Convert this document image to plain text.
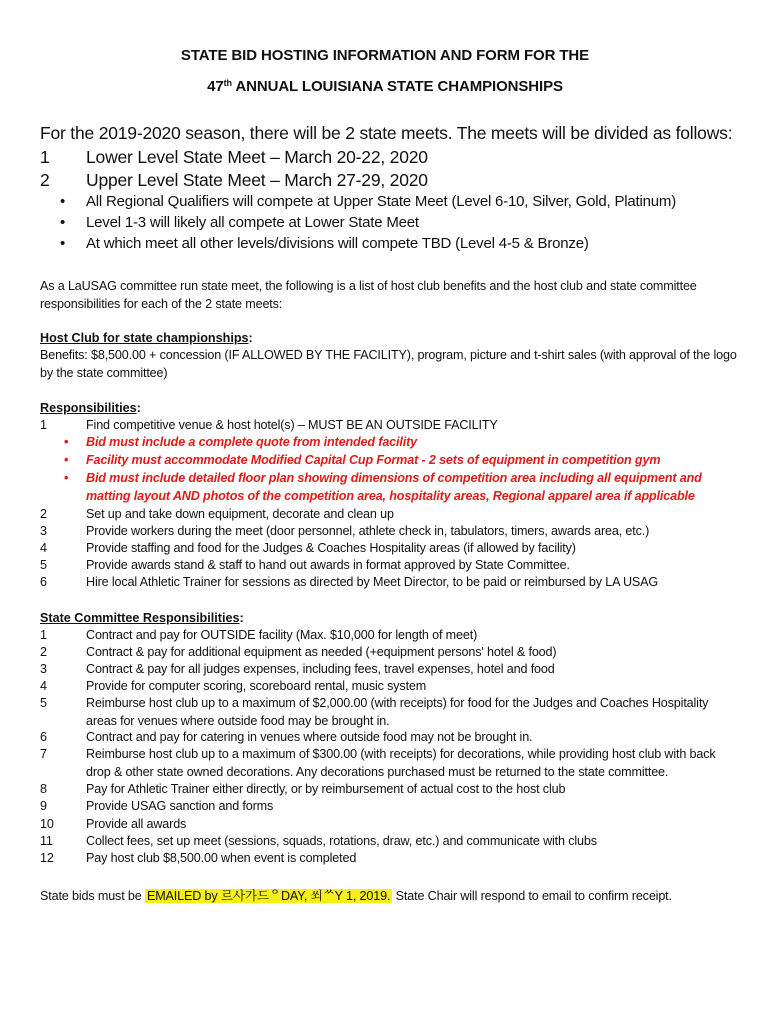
STATE BID HOSTING INFORMATION AND FORM FOR THE
47th ANNUAL LOUISIANA STATE CHAMPIONSHIPS
For the 2019-2020 season, there will be 2 state meets. The meets will be divided as follows:
1 Lower Level State Meet – March 20-22, 2020
2 Upper Level State Meet – March 27-29, 2020
• All Regional Qualifiers will compete at Upper State Meet (Level 6-10, Silver, Gold, Platinum)
• Level 1-3 will likely all compete at Lower State Meet
• At which meet all other levels/divisions will compete TBD (Level 4-5 & Bronze)
As a LaUSAG committee run state meet, the following is a list of host club benefits and the host club and state committee responsibilities for each of the 2 state meets:
Host Club for state championships:
Benefits: $8,500.00 + concession (IF ALLOWED BY THE FACILITY), program, picture and t-shirt sales (with approval of the logo by the state committee)
Responsibilities:
1	Find competitive venue & host hotel(s) – MUST BE AN OUTSIDE FACILITY
• Bid must include a complete quote from intended facility
• Facility must accommodate Modified Capital Cup Format - 2 sets of equipment in competition gym
• Bid must include detailed floor plan showing dimensions of competition area including all equipment and matting layout AND photos of the competition area, hospitality areas, Regional apparel area if applicable
2	Set up and take down equipment, decorate and clean up
3	Provide workers during the meet (door personnel, athlete check in, tabulators, timers, awards area, etc.)
4	Provide staffing and food for the Judges & Coaches Hospitality areas (if allowed by facility)
5	Provide awards stand & staff to hand out awards in format approved by State Committee.
6	Hire local Athletic Trainer for sessions as directed by Meet Director, to be paid or reimbursed by LA USAG
State Committee Responsibilities:
1	Contract and pay for OUTSIDE facility (Max. $10,000 for length of meet)
2	Contract & pay for additional equipment as needed (+equipment persons' hotel & food)
3	Contract & pay for all judges expenses, including fees, travel expenses, hotel and food
4	Provide for computer scoring, scoreboard rental, music system
5	Reimburse host club up to a maximum of $2,000.00 (with receipts) for food for the Judges and Coaches Hospitality areas for venues where outside food may be brought in.
6	Contract and pay for catering in venues where outside food may not be brought in.
7	Reimburse host club up to a maximum of $300.00 (with receipts) for decorations, while providing host club with back drop & other state owned decorations. Any decorations purchased must be returned to the state committee.
8	Pay for Athletic Trainer either directly, or by reimbursement of actual cost to the host club
9	Provide USAG sanction and forms
10	Provide all awards
11	Collect fees, set up meet (sessions, squads, rotations, draw, etc.) and communicate with clubs
12	Pay host club $8,500.00 when event is completed
State bids must be EMAILED by 르사가드ᄋDAY, 쐬ᄊY 1, 2019. State Chair will respond to email to confirm receipt.
